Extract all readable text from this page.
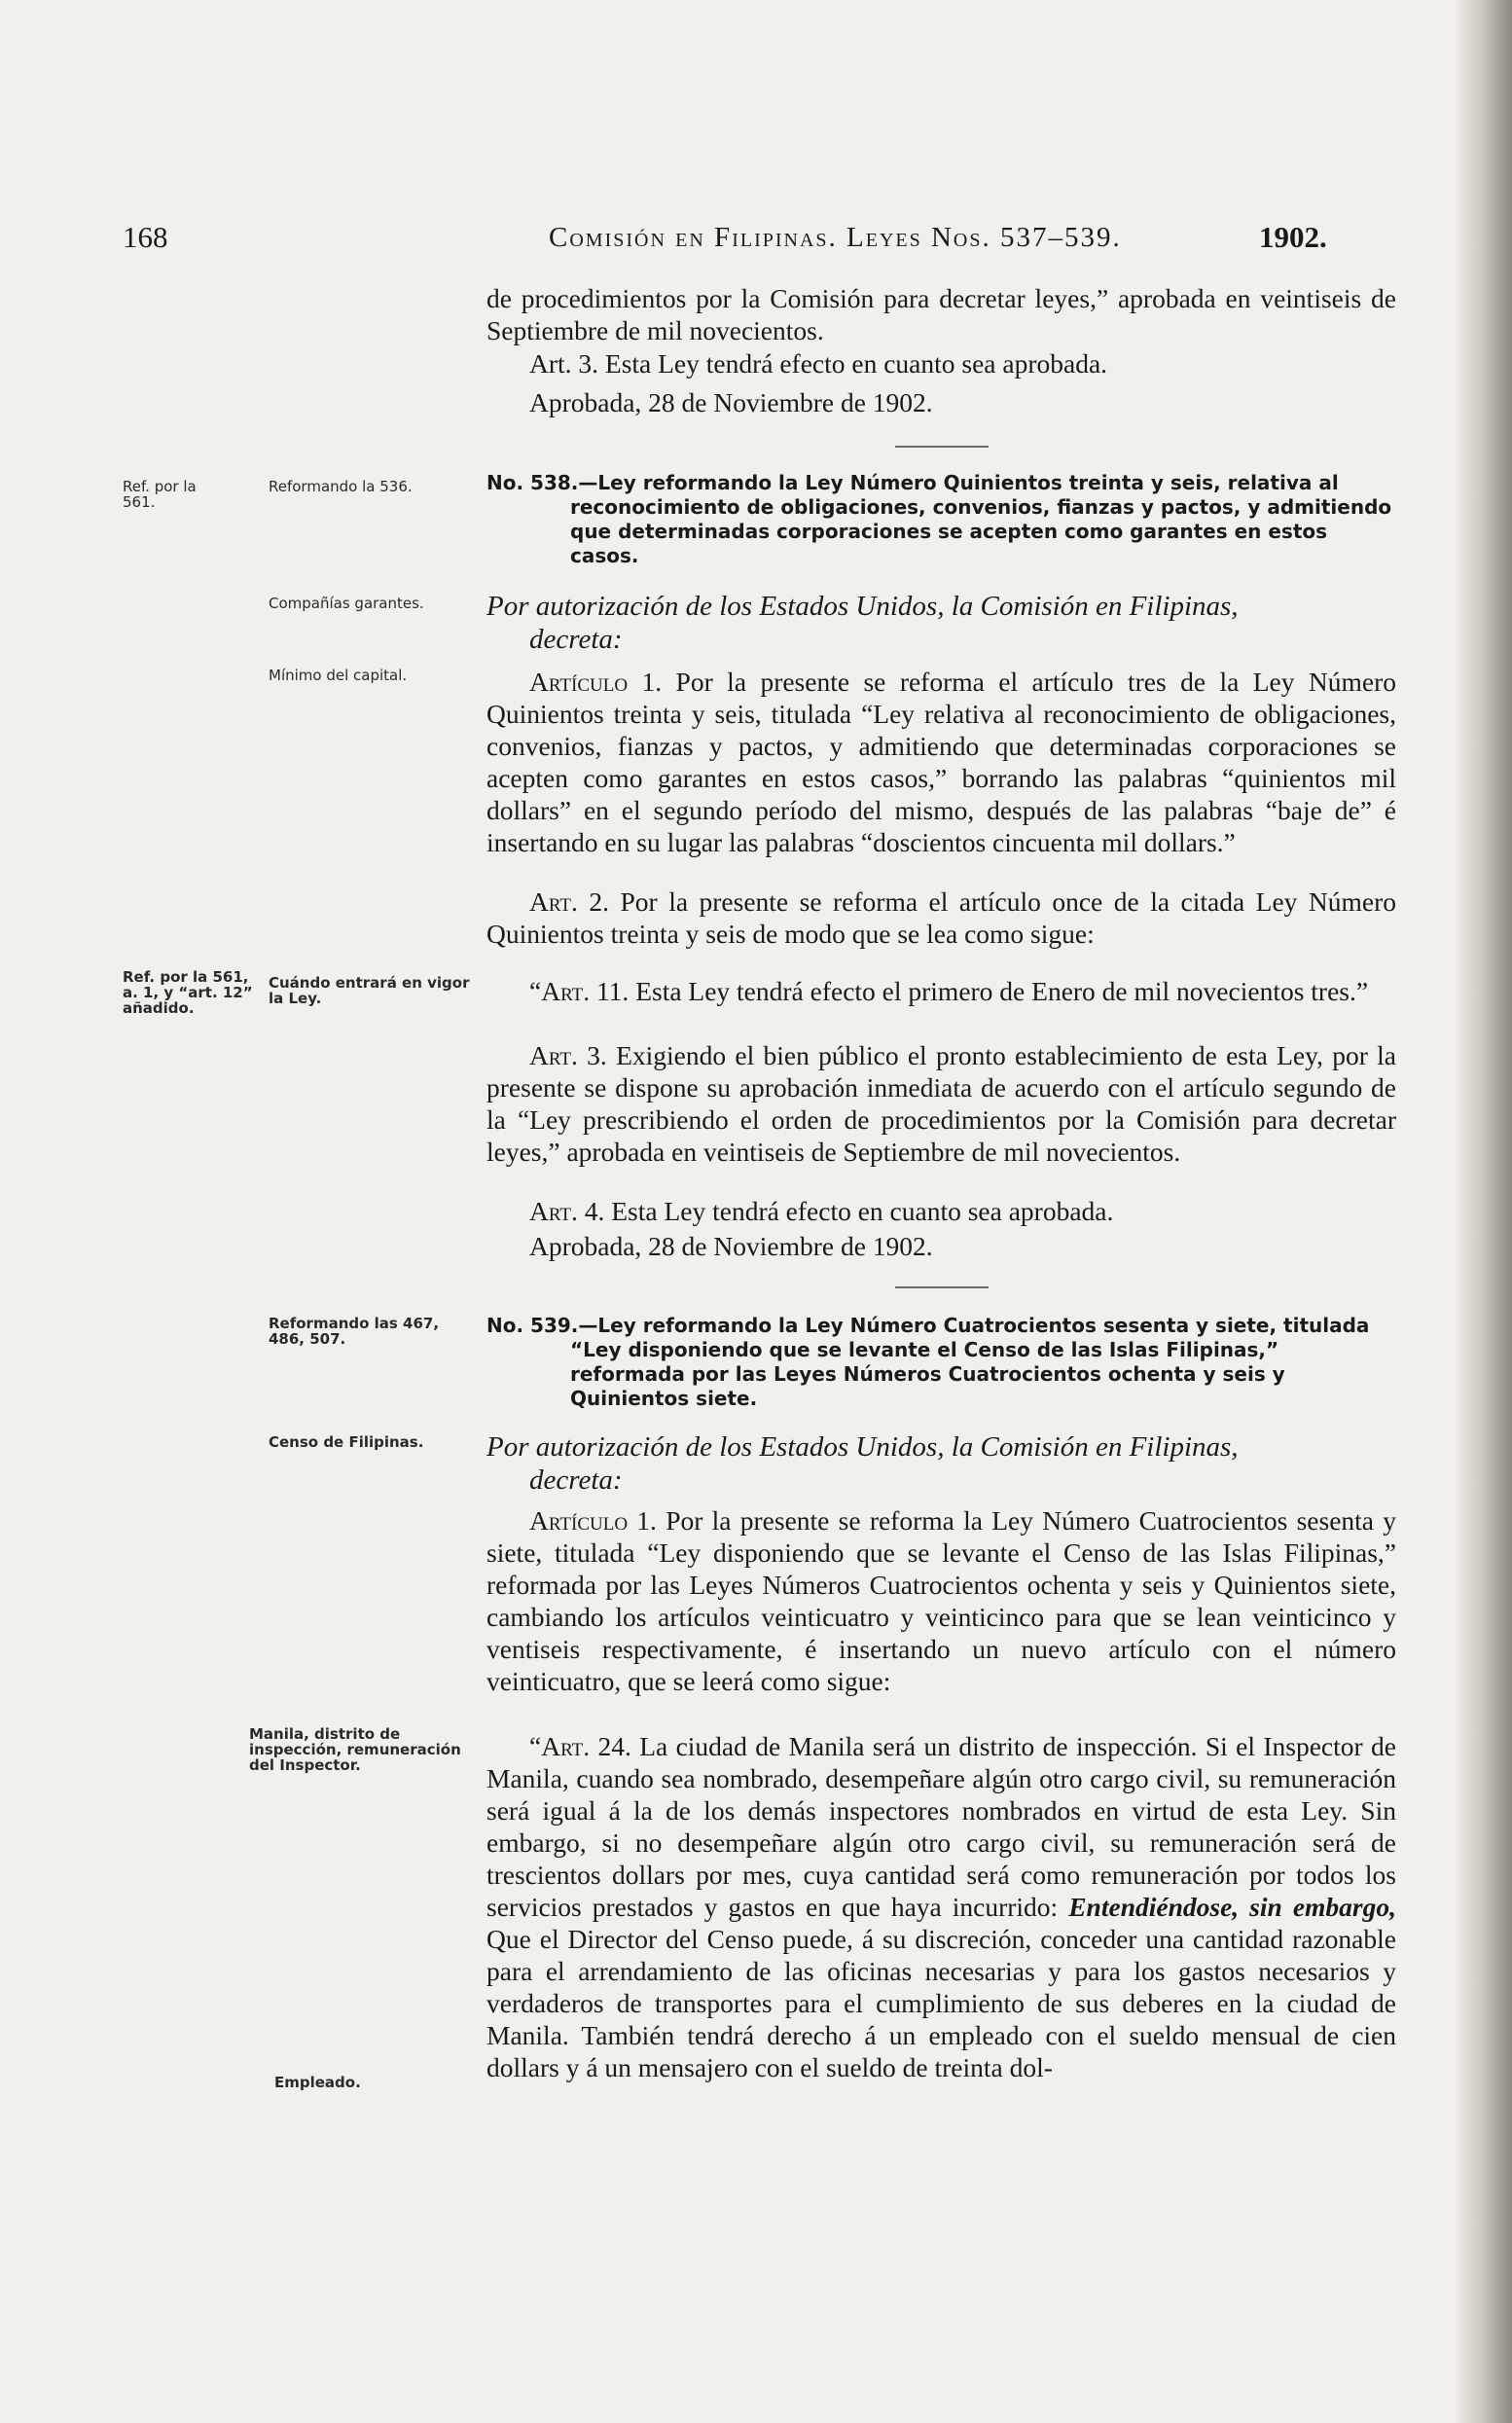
168	Comisión en Filipinas. Leyes Nos. 537–539.	1902.
de procedimientos por la Comisión para decretar leyes,” aprobada en veintiseis de Septiembre de mil novecientos.
Art. 3. Esta Ley tendrá efecto en cuanto sea aprobada.
Aprobada, 28 de Noviembre de 1902.
No. 538.—Ley reformando la Ley Número Quinientos treinta y seis, relativa al reconocimiento de obligaciones, convenios, fianzas y pactos, y admitiendo que determinadas corporaciones se acepten como garantes en estos casos.
Por autorización de los Estados Unidos, la Comisión en Filipinas,
decreta:
Artículo 1. Por la presente se reforma el artículo tres de la Ley Número Quinientos treinta y seis, titulada “Ley relativa al reconocimiento de obligaciones, convenios, fianzas y pactos, y admitiendo que determinadas corporaciones se acepten como garantes en estos casos,” borrando las palabras “quinientos mil dollars” en el segundo período del mismo, después de las palabras “baje de” é insertando en su lugar las palabras “doscientos cincuenta mil dollars.”
Art. 2. Por la presente se reforma el artículo once de la citada Ley Número Quinientos treinta y seis de modo que se lea como sigue:
“Art. 11. Esta Ley tendrá efecto el primero de Enero de mil novecientos tres.”
Art. 3. Exigiendo el bien público el pronto establecimiento de esta Ley, por la presente se dispone su aprobación inmediata de acuerdo con el artículo segundo de la “Ley prescribiendo el orden de procedimientos por la Comisión para decretar leyes,” aprobada en veintiseis de Septiembre de mil novecientos.
Art. 4. Esta Ley tendrá efecto en cuanto sea aprobada.
Aprobada, 28 de Noviembre de 1902.
No. 539.—Ley reformando la Ley Número Cuatrocientos sesenta y siete, titulada “Ley disponiendo que se levante el Censo de las Islas Filipinas,” reformada por las Leyes Números Cuatrocientos ochenta y seis y Quinientos siete.
Por autorización de los Estados Unidos, la Comisión en Filipinas,
decreta:
Artículo 1. Por la presente se reforma la Ley Número Cuatrocientos sesenta y siete, titulada “Ley disponiendo que se levante el Censo de las Islas Filipinas,” reformada por las Leyes Números Cuatrocientos ochenta y seis y Quinientos siete, cambiando los artículos veinticuatro y veinticinco para que se lean veinticinco y ventiseis respectivamente, é insertando un nuevo artículo con el número veinticuatro, que se leerá como sigue:
“Art. 24. La ciudad de Manila será un distrito de inspección. Si el Inspector de Manila, cuando sea nombrado, desempeñare algún otro cargo civil, su remuneración será igual á la de los demás inspectores nombrados en virtud de esta Ley. Sin embargo, si no desempeñare algún otro cargo civil, su remuneración será de trescientos dollars por mes, cuya cantidad será como remuneración por todos los servicios prestados y gastos en que haya incurrido: Entendiéndose, sin embargo, Que el Director del Censo puede, á su discreción, conceder una cantidad razonable para el arrendamiento de las oficinas necesarias y para los gastos necesarios y verdaderos de transportes para el cumplimiento de sus deberes en la ciudad de Manila. También tendrá derecho á un empleado con el sueldo mensual de cien dollars y á un mensajero con el sueldo de treinta dol-
Ref. por la 561.
Reformando la 536.
Compañías garantes.
Mínimo del capital.
Ref. por la 561, a. 1, y “art. 12” añadido.
Cuándo entrará en vigor la Ley.
Reformando las 467, 486, 507.
Censo de Filipinas.
Manila, distrito de inspección, remuneración del Inspector.
Empleado.
